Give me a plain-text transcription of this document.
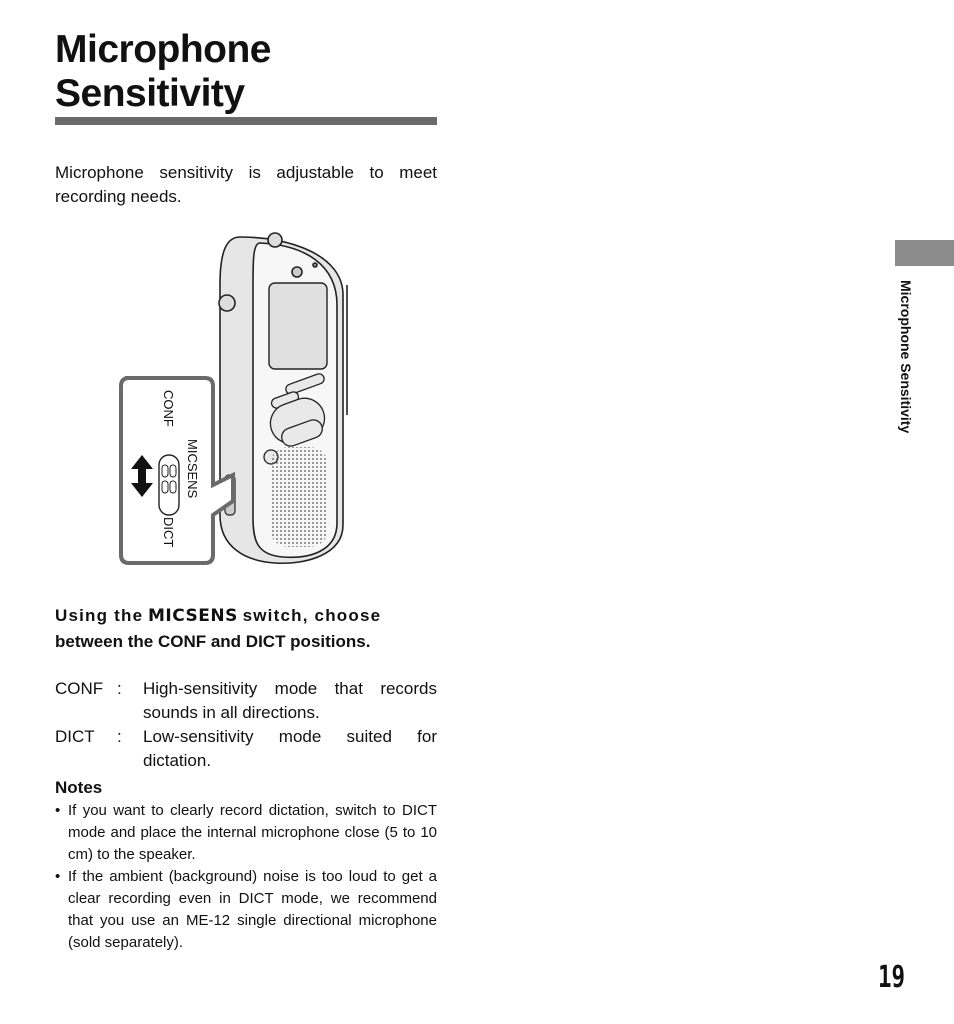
Microphone
Sensitivity

Microphone sensitivity is adjustable to meet recording needs.

CONF
MICSENS
DICT

Using the MICSENS switch, choose
between the CONF and DICT positions.

CONF :	High-sensitivity mode that records sounds in all directions.
DICT	:	Low-sensitivity mode suited for dictation.
Notes
• If you want to clearly record dictation, switch to DICT mode and place the internal microphone close (5 to 10 cm) to the speaker.
• If the ambient (background) noise is too loud to get a clear recording even in DICT mode, we recommend that you use an ME-12 single directional microphone (sold separately).
Microphone Sensitivity
19
